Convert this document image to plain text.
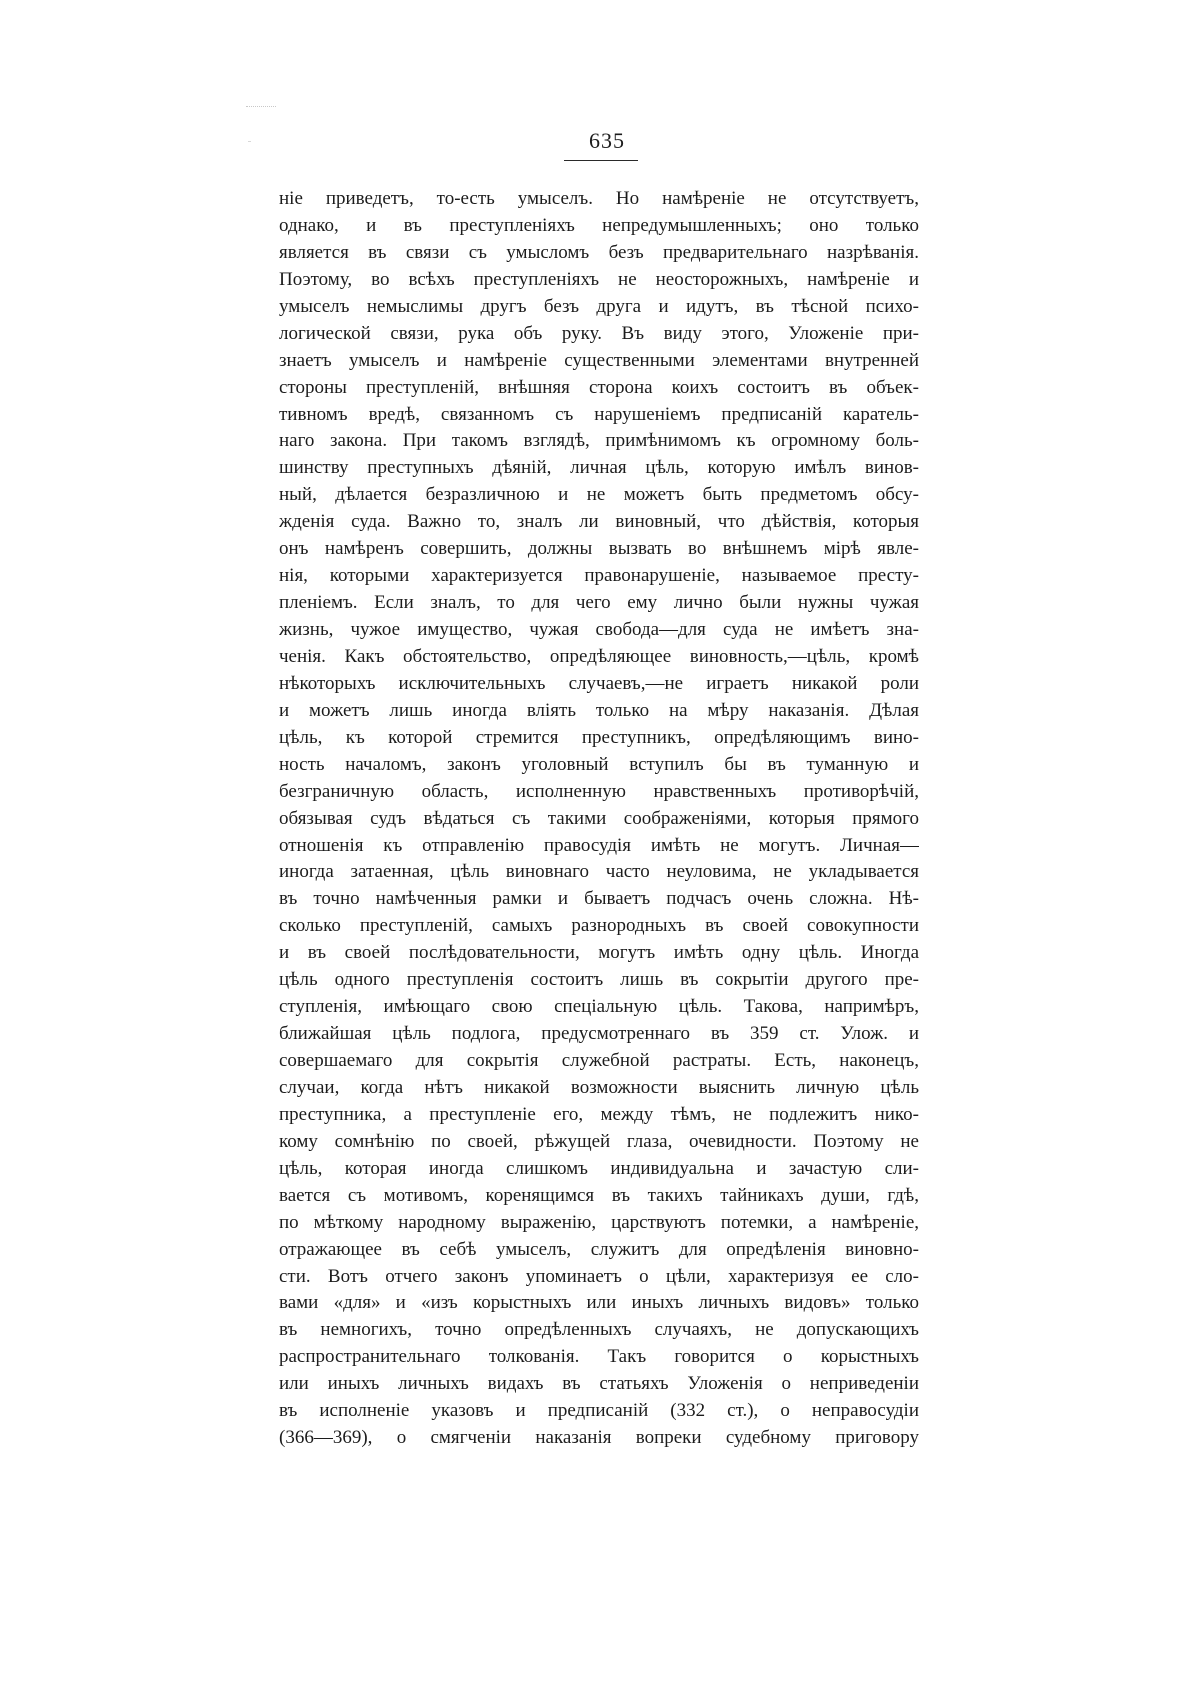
635
ніе приведетъ, то-есть умыселъ. Но намѣреніе не отсутствуетъ,
однако, и въ преступленіяхъ непредумышленныхъ; оно только
является въ связи съ умысломъ безъ предварительнаго назрѣванія.
Поэтому, во всѣхъ преступленіяхъ не неосторожныхъ, намѣреніе и
умыселъ немыслимы другъ безъ друга и идутъ, въ тѣсной психо-
логической связи, рука объ руку. Въ виду этого, Уложеніе при-
знаетъ умыселъ и намѣреніе существенными элементами внутренней
стороны преступленій, внѣшняя сторона коихъ состоитъ въ объек-
тивномъ вредѣ, связанномъ съ нарушеніемъ предписаній каратель-
наго закона. При такомъ взглядѣ, примѣнимомъ къ огромному боль-
шинству преступныхъ дѣяній, личная цѣль, которую имѣлъ винов-
ный, дѣлается безразличною и не можетъ быть предметомъ обсу-
жденія суда. Важно то, зналъ ли виновный, что дѣйствія, которыя
онъ намѣренъ совершить, должны вызвать во внѣшнемъ мірѣ явле-
нія, которыми характеризуется правонарушеніе, называемое престу-
пленіемъ. Если зналъ, то для чего ему лично были нужны чужая
жизнь, чужое имущество, чужая свобода—для суда не имѣетъ зна-
ченія. Какъ обстоятельство, опредѣляющее виновность,—цѣль, кромѣ
нѣкоторыхъ исключительныхъ случаевъ,—не играетъ никакой роли
и можетъ лишь иногда вліять только на мѣру наказанія. Дѣлая
цѣль, къ которой стремится преступникъ, опредѣляющимъ вино-
ность началомъ, законъ уголовный вступилъ бы въ туманную и
безграничную область, исполненную нравственныхъ противорѣчій,
обязывая судъ вѣдаться съ такими соображеніями, которыя прямого
отношенія къ отправленію правосудія имѣть не могутъ. Личная—
иногда затаенная, цѣль виновнаго часто неуловима, не укладывается
въ точно намѣченныя рамки и бываетъ подчасъ очень сложна. Нѣ-
сколько преступленій, самыхъ разнородныхъ въ своей совокупности
и въ своей послѣдовательности, могутъ имѣть одну цѣль. Иногда
цѣль одного преступленія состоитъ лишь въ сокрытіи другого пре-
ступленія, имѣющаго свою спеціальную цѣль. Такова, напримѣръ,
ближайшая цѣль подлога, предусмотреннаго въ 359 ст. Улож. и
совершаемаго для сокрытія служебной растраты. Есть, наконецъ,
случаи, когда нѣтъ никакой возможности выяснить личную цѣль
преступника, а преступленіе его, между тѣмъ, не подлежитъ нико-
кому сомнѣнію по своей, рѣжущей глаза, очевидности. Поэтому не
цѣль, которая иногда слишкомъ индивидуальна и зачастую сли-
вается съ мотивомъ, коренящимся въ такихъ тайникахъ души, гдѣ,
по мѣткому народному выраженію, царствуютъ потемки, а намѣреніе,
отражающее въ себѣ умыселъ, служитъ для опредѣленія виновно-
сти. Вотъ отчего законъ упоминаетъ о цѣли, характеризуя ее сло-
вами «для» и «изъ корыстныхъ или иныхъ личныхъ видовъ» только
въ немногихъ, точно опредѣленныхъ случаяхъ, не допускающихъ
распространительнаго толкованія. Такъ говорится о корыстныхъ
или иныхъ личныхъ видахъ въ статьяхъ Уложенія о неприведеніи
въ исполненіе указовъ и предписаній (332 ст.), о неправосудіи
(366—369), о смягченіи наказанія вопреки судебному приговору
